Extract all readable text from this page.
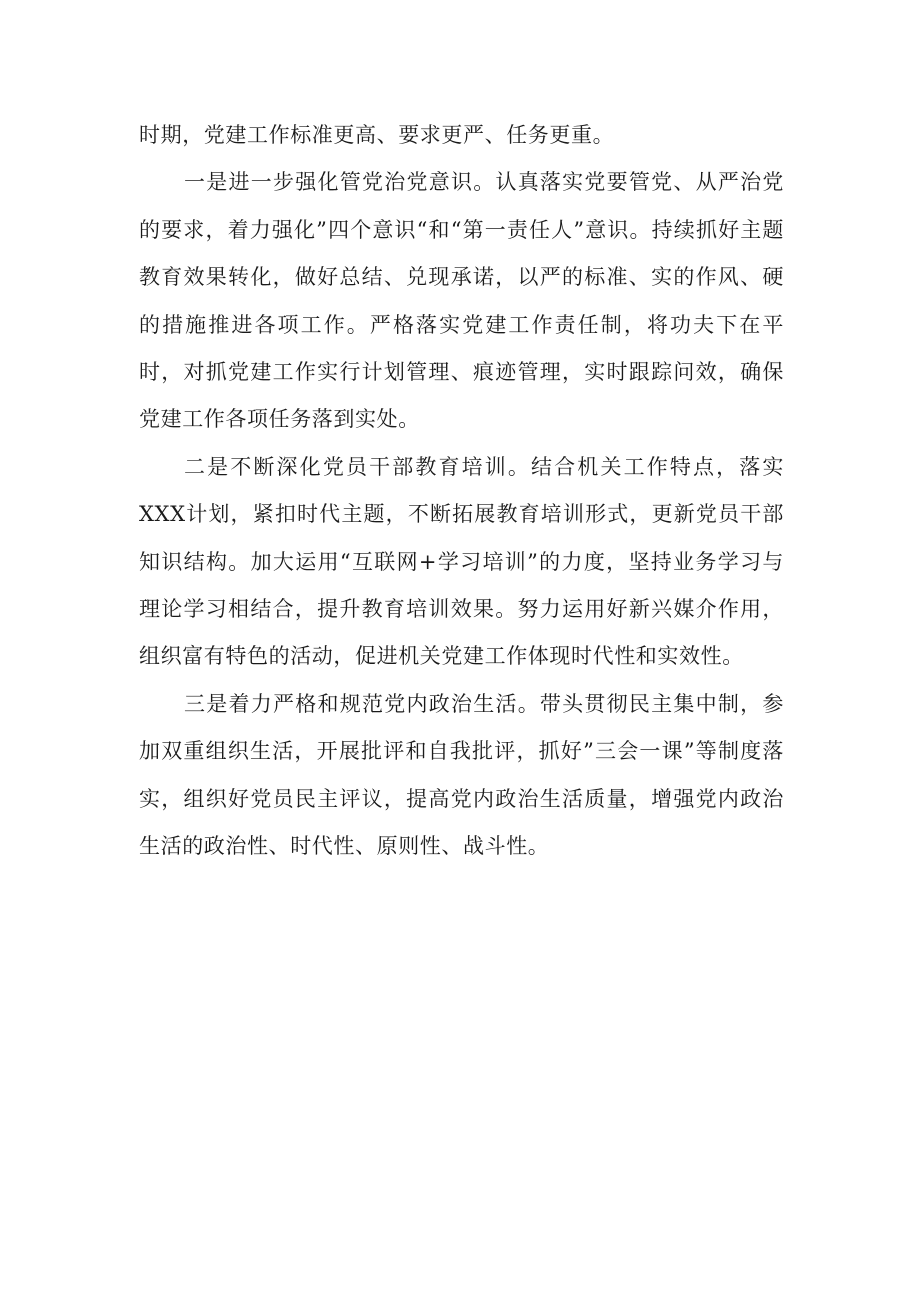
时期，党建工作标准更高、要求更严、任务更重。

一是进一步强化管党治党意识。认真落实党要管党、从严治党的要求，着力强化”四个意识“和“第一责任人”意识。持续抓好主题教育效果转化，做好总结、兑现承诺，以严的标准、实的作风、硬的措施推进各项工作。严格落实党建工作责任制，将功夫下在平时，对抓党建工作实行计划管理、痕迹管理，实时跟踪问效，确保党建工作各项任务落到实处。

二是不断深化党员干部教育培训。结合机关工作特点，落实XXX计划，紧扣时代主题，不断拓展教育培训形式，更新党员干部知识结构。加大运用“互联网+学习培训”的力度，坚持业务学习与理论学习相结合，提升教育培训效果。努力运用好新兴媒介作用，组织富有特色的活动，促进机关党建工作体现时代性和实效性。

三是着力严格和规范党内政治生活。带头贯彻民主集中制，参加双重组织生活，开展批评和自我批评，抓好”三会一课”等制度落实，组织好党员民主评议，提高党内政治生活质量，增强党内政治生活的政治性、时代性、原则性、战斗性。
